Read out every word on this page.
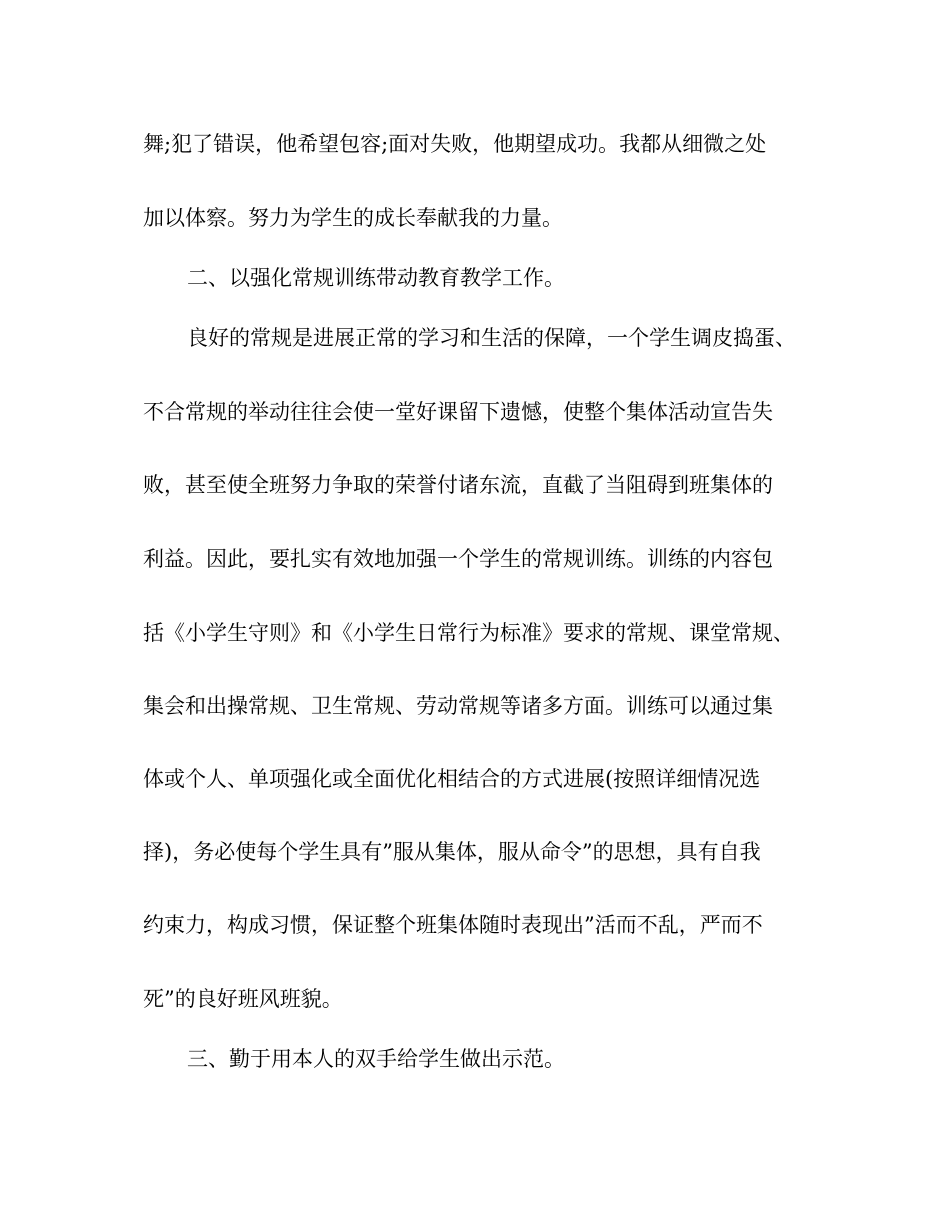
舞;犯了错误，他希望包容;面对失败，他期望成功。我都从细微之处
加以体察。努力为学生的成长奉献我的力量。
二、以强化常规训练带动教育教学工作。
良好的常规是进展正常的学习和生活的保障，一个学生调皮捣蛋、
不合常规的举动往往会使一堂好课留下遗憾，使整个集体活动宣告失
败，甚至使全班努力争取的荣誉付诸东流，直截了当阻碍到班集体的
利益。因此，要扎实有效地加强一个学生的常规训练。训练的内容包
括《小学生守则》和《小学生日常行为标准》要求的常规、课堂常规、
集会和出操常规、卫生常规、劳动常规等诸多方面。训练可以通过集
体或个人、单项强化或全面优化相结合的方式进展(按照详细情况选
择)，务必使每个学生具有”服从集体，服从命令”的思想，具有自我
约束力，构成习惯，保证整个班集体随时表现出”活而不乱，严而不
死”的良好班风班貌。
三、勤于用本人的双手给学生做出示范。
